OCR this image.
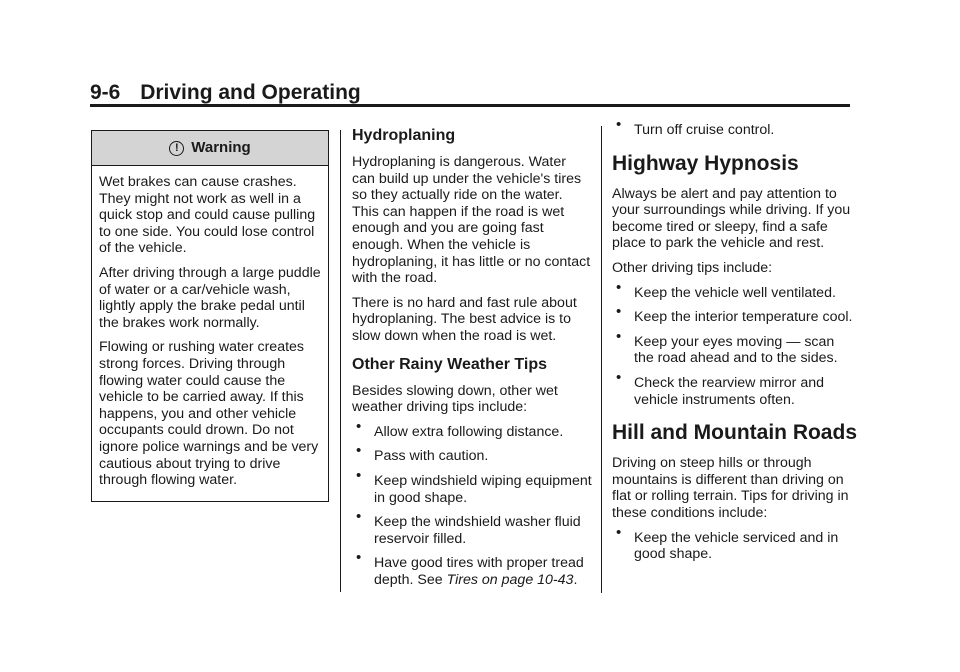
9-6 Driving and Operating
! Warning

Wet brakes can cause crashes. They might not work as well in a quick stop and could cause pulling to one side. You could lose control of the vehicle.

After driving through a large puddle of water or a car/vehicle wash, lightly apply the brake pedal until the brakes work normally.

Flowing or rushing water creates strong forces. Driving through flowing water could cause the vehicle to be carried away. If this happens, you and other vehicle occupants could drown. Do not ignore police warnings and be very cautious about trying to drive through flowing water.

Hydroplaning

Hydroplaning is dangerous. Water can build up under the vehicle's tires so they actually ride on the water. This can happen if the road is wet enough and you are going fast enough. When the vehicle is hydroplaning, it has little or no contact with the road.

There is no hard and fast rule about hydroplaning. The best advice is to slow down when the road is wet.

Other Rainy Weather Tips

Besides slowing down, other wet weather driving tips include:

• Allow extra following distance.
• Pass with caution.
• Keep windshield wiping equipment in good shape.
• Keep the windshield washer fluid reservoir filled.
• Have good tires with proper tread depth. See Tires on page 10-43.
• Turn off cruise control.
Highway Hypnosis

Always be alert and pay attention to your surroundings while driving. If you become tired or sleepy, find a safe place to park the vehicle and rest.

Other driving tips include:

• Keep the vehicle well ventilated.
• Keep the interior temperature cool.
• Keep your eyes moving — scan the road ahead and to the sides.
• Check the rearview mirror and vehicle instruments often.
Hill and Mountain Roads

Driving on steep hills or through mountains is different than driving on flat or rolling terrain. Tips for driving in these conditions include:

• Keep the vehicle serviced and in good shape.
